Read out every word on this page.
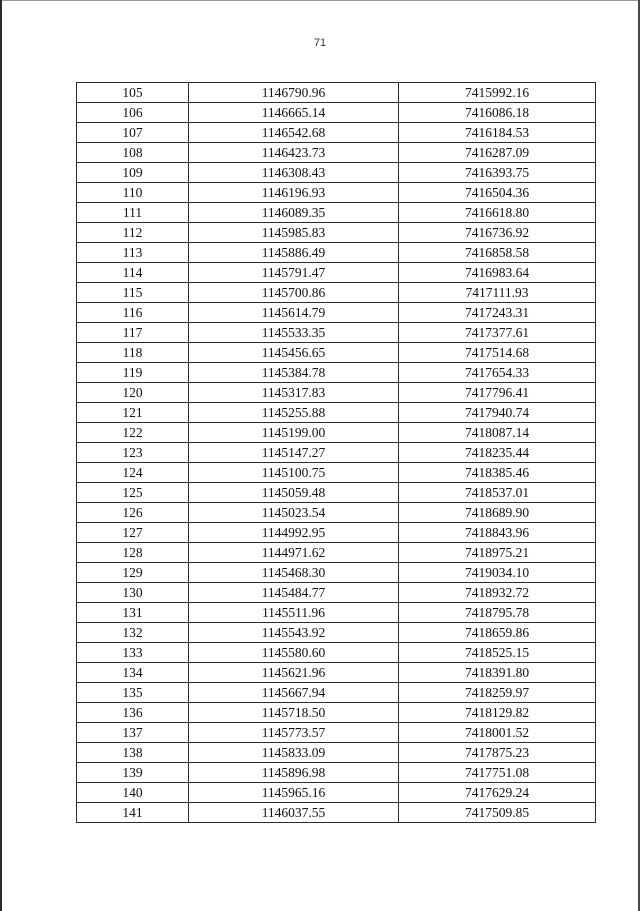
71
105	1146790.96	7415992.16
106	1146665.14	7416086.18
107	1146542.68	7416184.53
108	1146423.73	7416287.09
109	1146308.43	7416393.75
110	1146196.93	7416504.36
111	1146089.35	7416618.80
112	1145985.83	7416736.92
113	1145886.49	7416858.58
114	1145791.47	7416983.64
115	1145700.86	7417111.93
116	1145614.79	7417243.31
117	1145533.35	7417377.61
118	1145456.65	7417514.68
119	1145384.78	7417654.33
120	1145317.83	7417796.41
121	1145255.88	7417940.74
122	1145199.00	7418087.14
123	1145147.27	7418235.44
124	1145100.75	7418385.46
125	1145059.48	7418537.01
126	1145023.54	7418689.90
127	1144992.95	7418843.96
128	1144971.62	7418975.21
129	1145468.30	7419034.10
130	1145484.77	7418932.72
131	1145511.96	7418795.78
132	1145543.92	7418659.86
133	1145580.60	7418525.15
134	1145621.96	7418391.80
135	1145667.94	7418259.97
136	1145718.50	7418129.82
137	1145773.57	7418001.52
138	1145833.09	7417875.23
139	1145896.98	7417751.08
140	1145965.16	7417629.24
141	1146037.55	7417509.85
